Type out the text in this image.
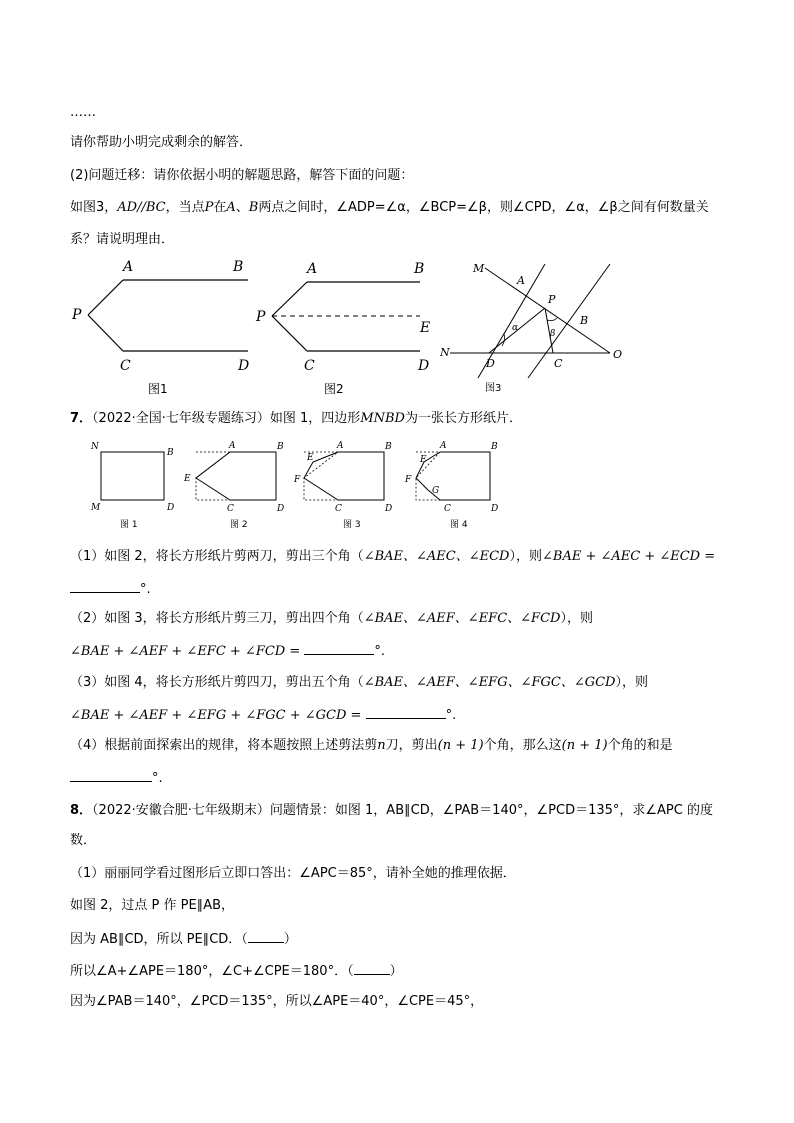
……
请你帮助小明完成剩余的解答．
(2)问题迁移：请你依据小明的解题思路，解答下面的问题：
如图3，AD//BC，当点P在A、B两点之间时，∠ADP=∠α，∠BCP=∠β，则∠CPD，∠α，∠β之间有何数量关
系？请说明理由．
A	B
P
C	D
图1
A	B
P
E
C	D
图2
M
A
P
B
N
D	C
O
α
β
图3
7．（2022·全国·七年级专题练习）如图 1，四边形MNBD为一张长方形纸片．
N
B
M	D
图 1
A	B
E
C	D
图 2
E
A	B
F
C	D
图 3
E
A	B
F
G
C	D
图 4
（1）如图 2，将长方形纸片剪两刀，剪出三个角（∠BAE、∠AEC、∠ECD），则∠BAE + ∠AEC + ∠ECD =
°.
（2）如图 3，将长方形纸片剪三刀，剪出四个角（∠BAE、∠AEF、∠EFC、∠FCD），则
∠BAE + ∠AEF + ∠EFC + ∠FCD =	°.
（3）如图 4，将长方形纸片剪四刀，剪出五个角（∠BAE、∠AEF、∠EFG、∠FGC、∠GCD），则
∠BAE + ∠AEF + ∠EFG + ∠FGC + ∠GCD =	°.
（4）根据前面探索出的规律，将本题按照上述剪法剪n刀，剪出(n + 1)个角，那么这(n + 1)个角的和是
°.
8．（2022·安徽合肥·七年级期末）问题情景：如图 1，AB∥CD，∠PAB＝140°，∠PCD＝135°，求∠APC 的度
数．
（1）丽丽同学看过图形后立即口答出：∠APC＝85°，请补全她的推理依据．
如图 2，过点 P 作 PE∥AB，
因为 AB∥CD，所以 PE∥CD．（	）
所以∠A+∠APE＝180°，∠C+∠CPE＝180°．（	）
因为∠PAB＝140°，∠PCD＝135°，所以∠APE＝40°，∠CPE＝45°，
